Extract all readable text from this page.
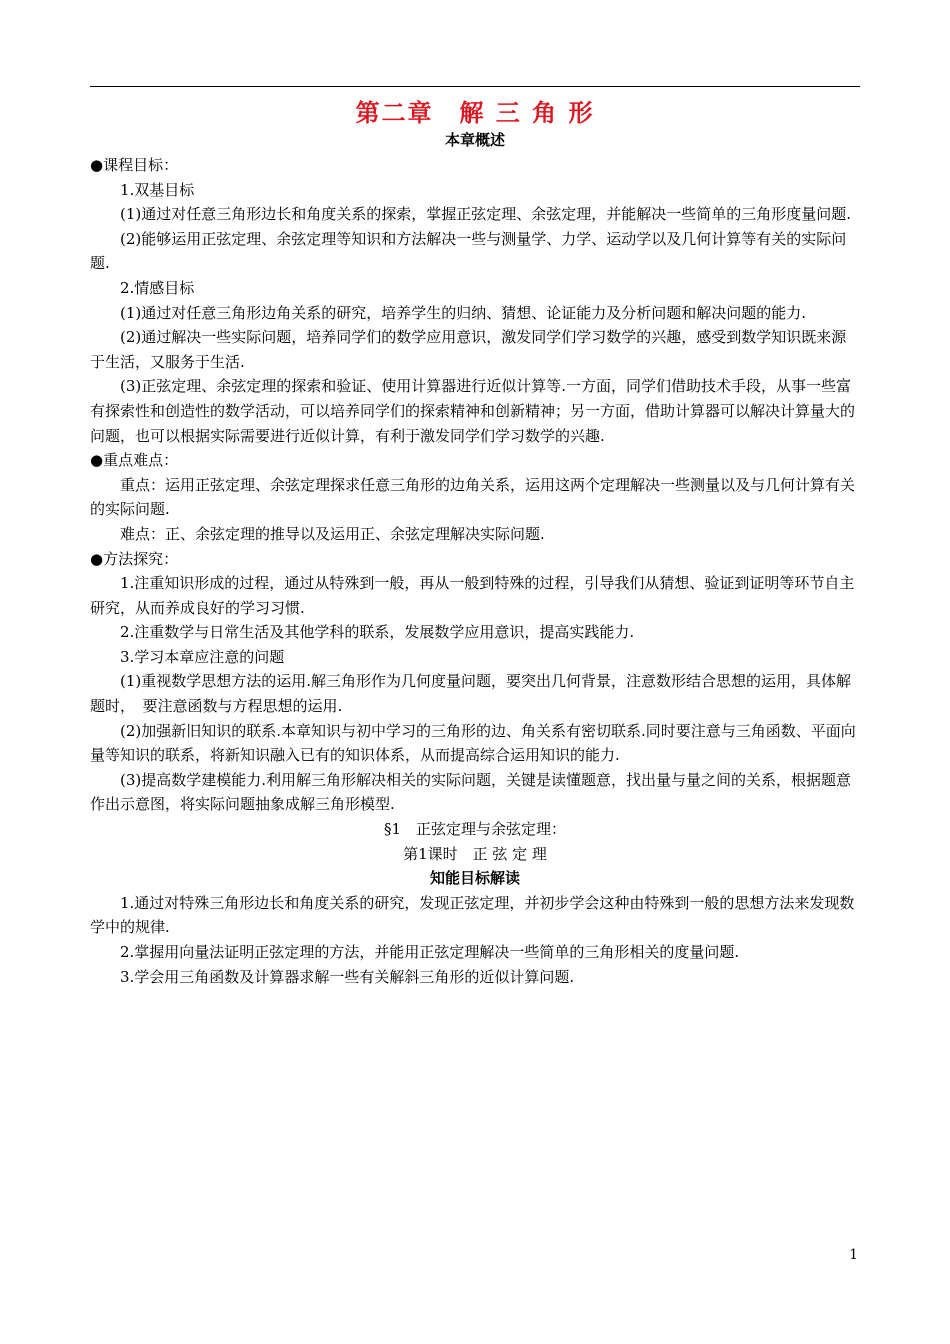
第二章　解 三 角 形
本章概述

●课程目标：

1.双基目标

(1)通过对任意三角形边长和角度关系的探索，掌握正弦定理、余弦定理，并能解决一些简单的三角形度量问题.

(2)能够运用正弦定理、余弦定理等知识和方法解决一些与测量学、力学、运动学以及几何计算等有关的实际问题.

2.情感目标

(1)通过对任意三角形边角关系的研究，培养学生的归纳、猜想、论证能力及分析问题和解决问题的能力.

(2)通过解决一些实际问题，培养同学们的数学应用意识，激发同学们学习数学的兴趣，感受到数学知识既来源于生活，又服务于生活.

(3)正弦定理、余弦定理的探索和验证、使用计算器进行近似计算等.一方面，同学们借助技术手段，从事一些富有探索性和创造性的数学活动，可以培养同学们的探索精神和创新精神；另一方面，借助计算器可以解决计算量大的问题，也可以根据实际需要进行近似计算，有利于激发同学们学习数学的兴趣.

●重点难点：

重点：运用正弦定理、余弦定理探求任意三角形的边角关系，运用这两个定理解决一些测量以及与几何计算有关的实际问题.

难点：正、余弦定理的推导以及运用正、余弦定理解决实际问题.

●方法探究：

1.注重知识形成的过程，通过从特殊到一般，再从一般到特殊的过程，引导我们从猜想、验证到证明等环节自主研究，从而养成良好的学习习惯.

2.注重数学与日常生活及其他学科的联系，发展数学应用意识，提高实践能力.

3.学习本章应注意的问题

(1)重视数学思想方法的运用.解三角形作为几何度量问题，要突出几何背景，注意数形结合思想的运用，具体解题时，　要注意函数与方程思想的运用.

(2)加强新旧知识的联系.本章知识与初中学习的三角形的边、角关系有密切联系.同时要注意与三角函数、平面向量等知识的联系，将新知识融入已有的知识体系，从而提高综合运用知识的能力.

(3)提高数学建模能力.利用解三角形解决相关的实际问题，关键是读懂题意，找出量与量之间的关系，根据题意作出示意图，将实际问题抽象成解三角形模型.

§1　正弦定理与余弦定理：

第1课时　正 弦 定 理

知能目标解读

1.通过对特殊三角形边长和角度关系的研究，发现正弦定理，并初步学会这种由特殊到一般的思想方法来发现数学中的规律.

2.掌握用向量法证明正弦定理的方法，并能用正弦定理解决一些简单的三角形相关的度量问题.

3.学会用三角函数及计算器求解一些有关解斜三角形的近似计算问题.

1
